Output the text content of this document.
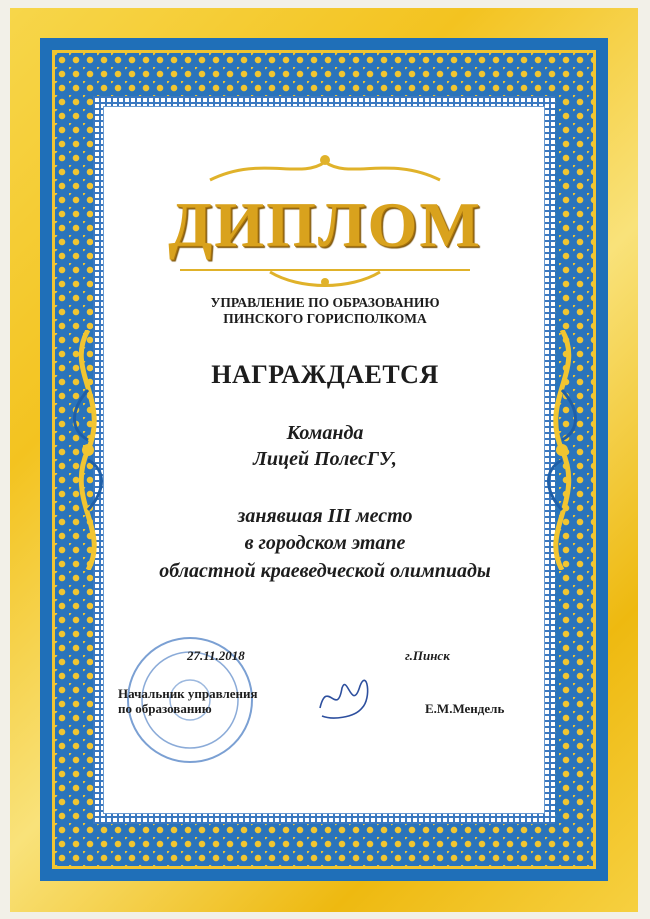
ДИПЛОМ
УПРАВЛЕНИЕ ПО ОБРАЗОВАНИЮ
ПИНСКОГО ГОРИСПОЛКОМА
НАГРАЖДАЕТСЯ
Команда
Лицей ПолесГУ,
занявшая III место
в городском этапе
областной краеведческой олимпиады
27.11.2018	г.Пинск
Начальник управления
по образованию	Е.М.Мендель
